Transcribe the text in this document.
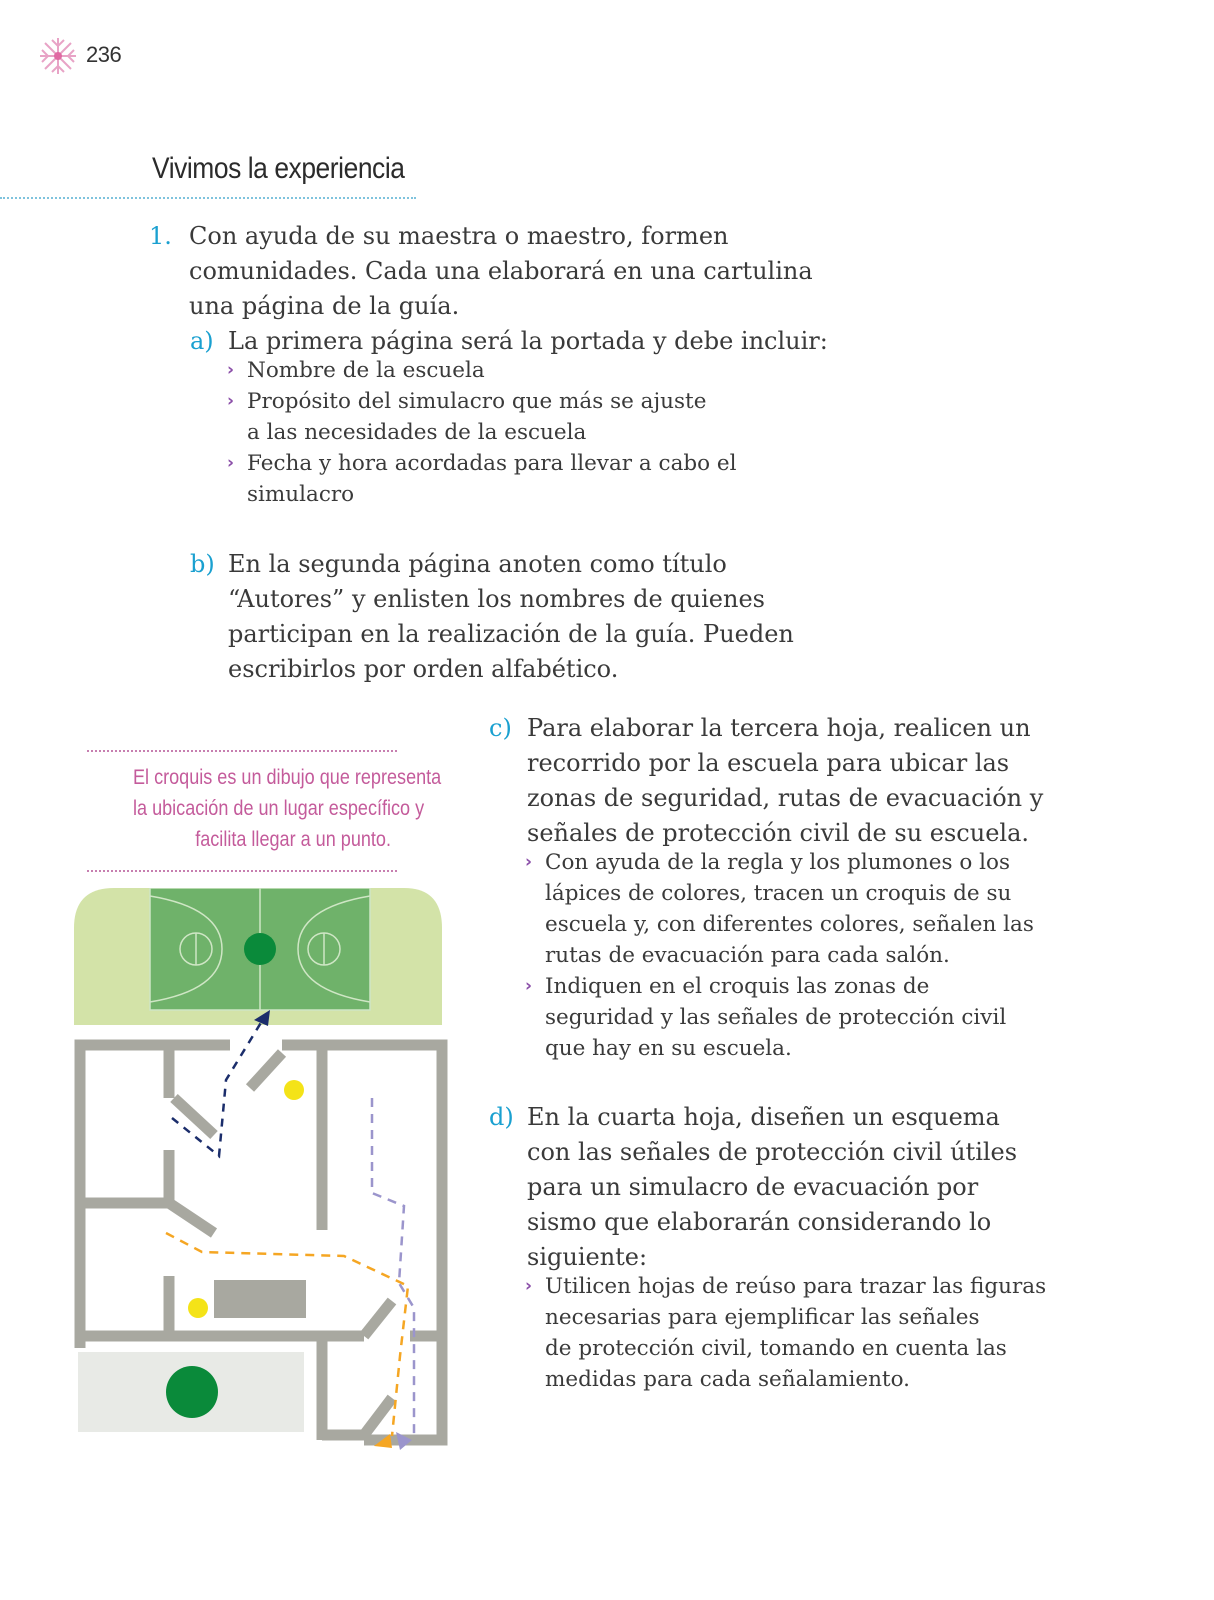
236
Vivimos la experiencia
1. Con ayuda de su maestra o maestro, formen
comunidades. Cada una elaborará en una cartulina
una página de la guía.
a) La primera página será la portada y debe incluir:
› Nombre de la escuela
› Propósito del simulacro que más se ajuste
a las necesidades de la escuela
› Fecha y hora acordadas para llevar a cabo el
simulacro
b) En la segunda página anoten como título
“Autores” y enlisten los nombres de quienes
participan en la realización de la guía. Pueden
escribirlos por orden alfabético.
El croquis es un dibujo que representa
la ubicación de un lugar específico y
facilita llegar a un punto.
c) Para elaborar la tercera hoja, realicen un
recorrido por la escuela para ubicar las
zonas de seguridad, rutas de evacuación y
señales de protección civil de su escuela.
› Con ayuda de la regla y los plumones o los
lápices de colores, tracen un croquis de su
escuela y, con diferentes colores, señalen las
rutas de evacuación para cada salón.
› Indiquen en el croquis las zonas de
seguridad y las señales de protección civil
que hay en su escuela.
d) En la cuarta hoja, diseñen un esquema
con las señales de protección civil útiles
para un simulacro de evacuación por
sismo que elaborarán considerando lo
siguiente:
› Utilicen hojas de reúso para trazar las figuras
necesarias para ejemplificar las señales
de protección civil, tomando en cuenta las
medidas para cada señalamiento.
